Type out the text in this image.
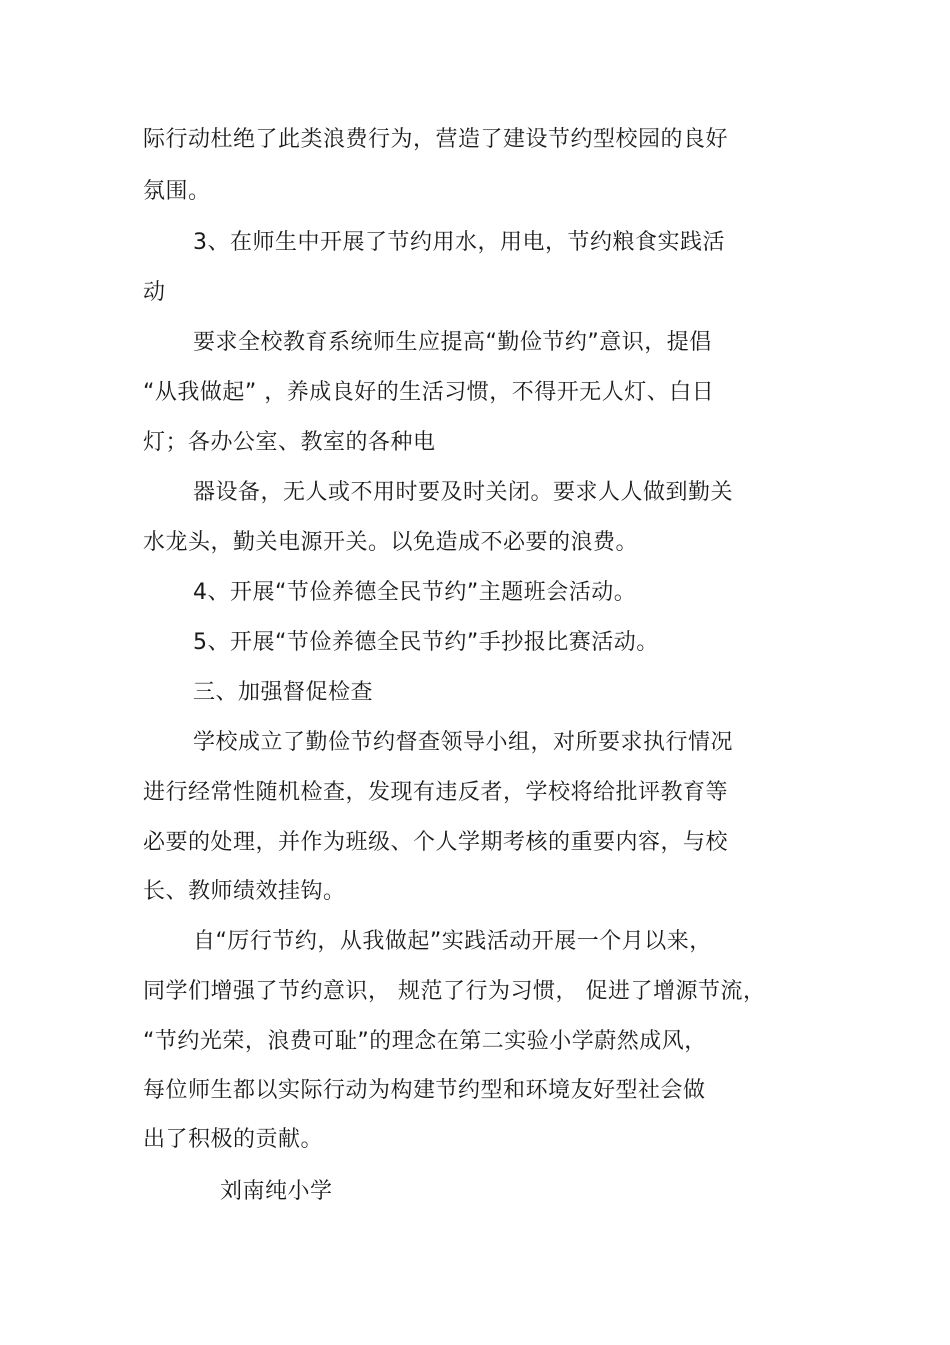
际行动杜绝了此类浪费行为，营造了建设节约型校园的良好
氛围。
3、在师生中开展了节约用水，用电，节约粮食实践活
动
要求全校教育系统师生应提高“勤俭节约”意识，提倡
“从我做起” ，养成良好的生活习惯，不得开无人灯、白日
灯；各办公室、教室的各种电
器设备，无人或不用时要及时关闭。要求人人做到勤关
水龙头，勤关电源开关。以免造成不必要的浪费。
4、开展“节俭养德全民节约”主题班会活动。
5、开展“节俭养德全民节约”手抄报比赛活动。
三、加强督促检查
学校成立了勤俭节约督查领导小组，对所要求执行情况
进行经常性随机检查，发现有违反者，学校将给批评教育等
必要的处理，并作为班级、个人学期考核的重要内容，与校
长、教师绩效挂钩。
自“厉行节约，从我做起”实践活动开展一个月以来，
同学们增强了节约意识， 规范了行为习惯， 促进了增源节流，
“节约光荣，浪费可耻”的理念在第二实验小学蔚然成风，
每位师生都以实际行动为构建节约型和环境友好型社会做
出了积极的贡献。
刘南纯小学
